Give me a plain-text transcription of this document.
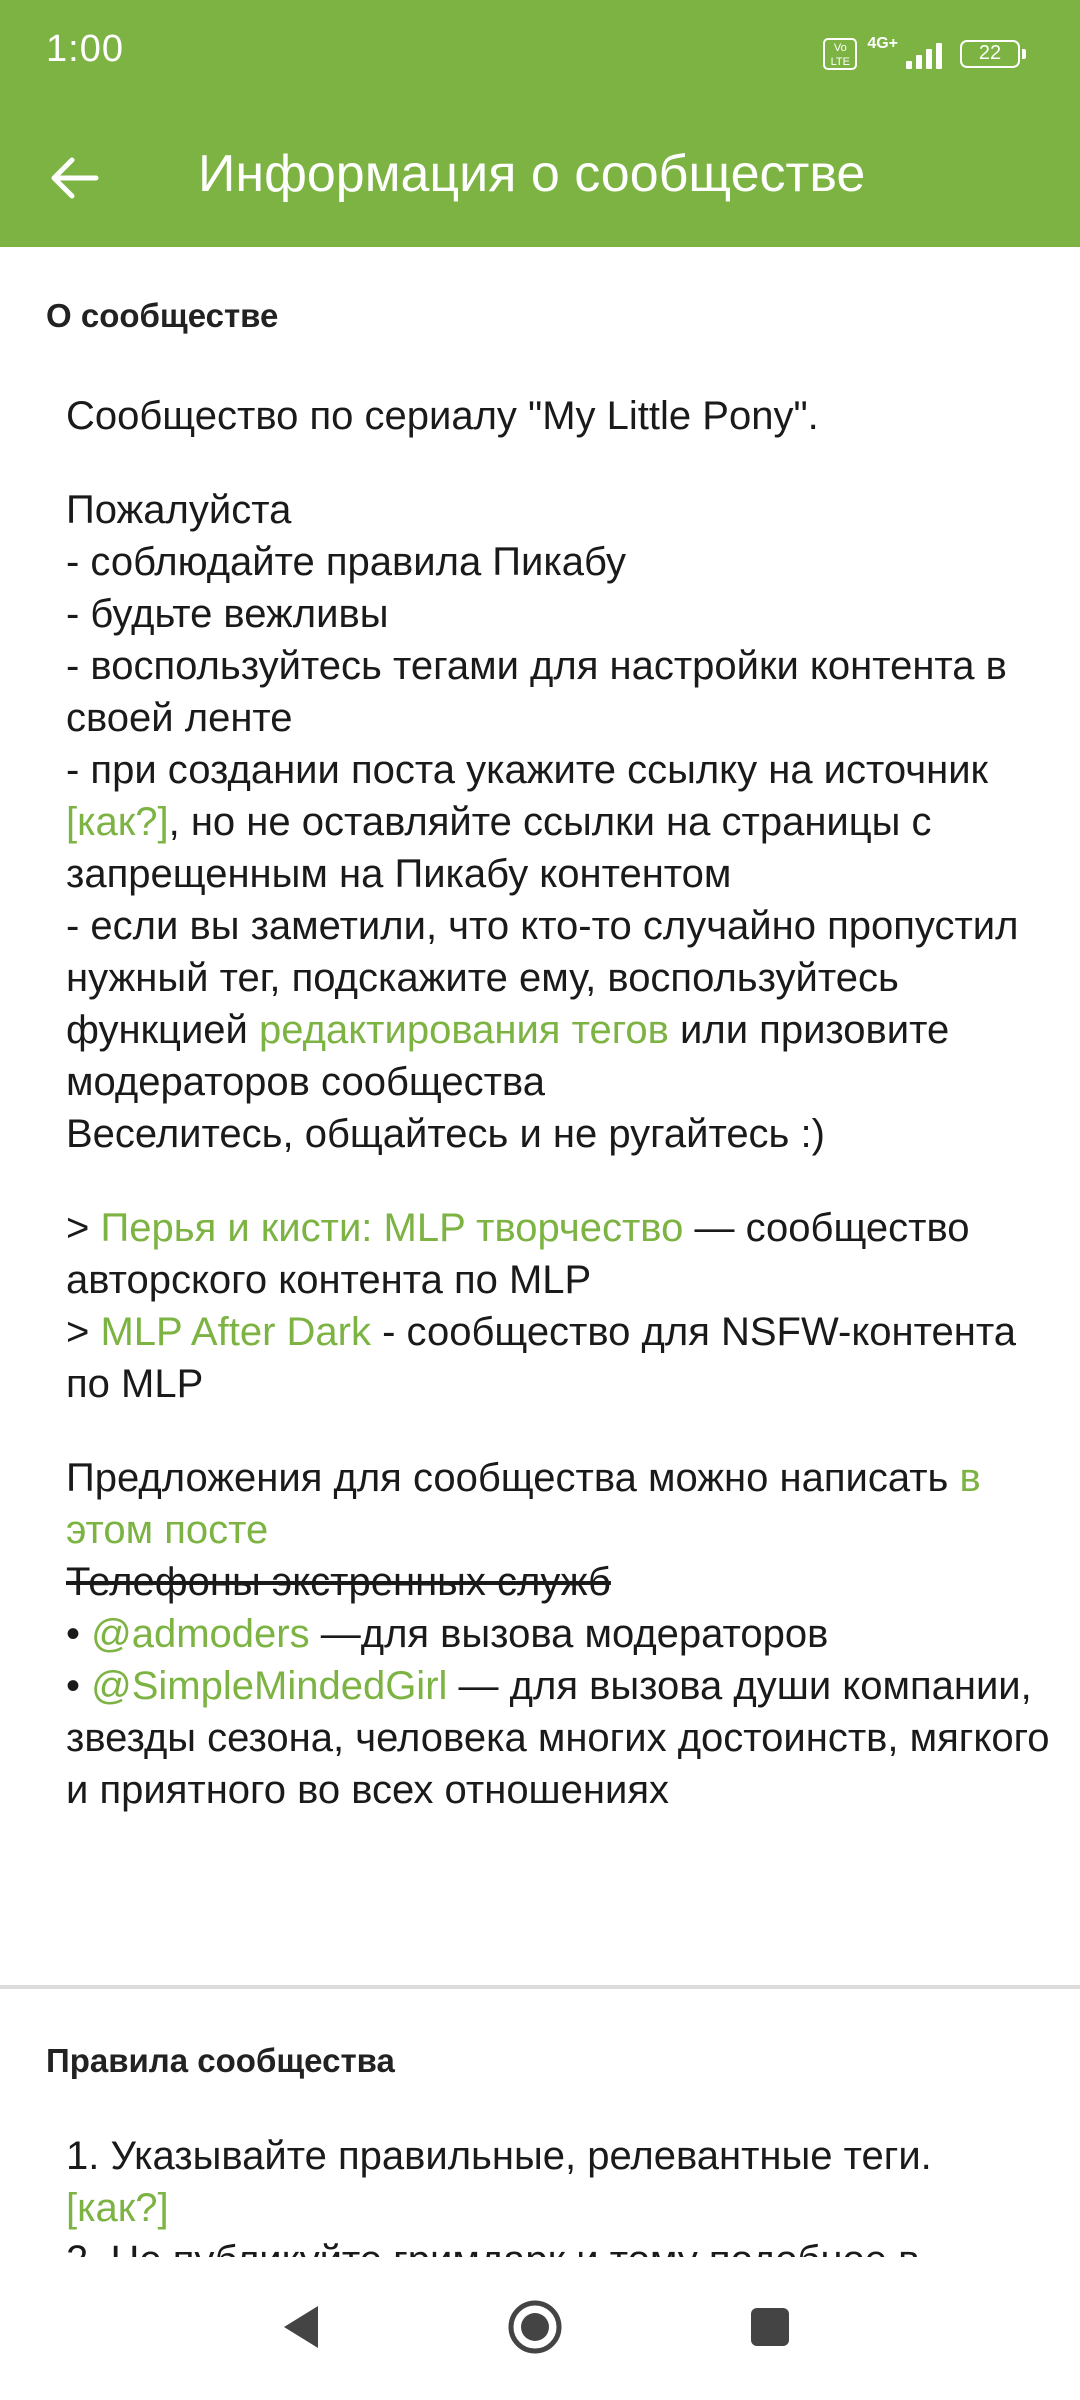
1:00	Vo LTE
4G+	22
Информация о сообществе
О сообществе

Сообщество по сериалу "My Little Pony".

Пожалуйста
- соблюдайте правила Пикабу
- будьте вежливы
- воспользуйтесь тегами для настройки контента в своей ленте
- при создании поста укажите ссылку на источник [как?], но не оставляйте ссылки на страницы с запрещенным на Пикабу контентом
- если вы заметили, что кто-то случайно пропустил нужный тег, подскажите ему, воспользуйтесь функцией редактирования тегов или призовите модераторов сообщества
Веселитесь, общайтесь и не ругайтесь :)

> Перья и кисти: MLP творчество — сообщество авторского контента по MLP
> MLP After Dark - сообщество для NSFW-контента по MLP

Предложения для сообщества можно написать в этом посте
Телефоны экстренных служб
• @admoders —для вызова модераторов
• @SimpleMindedGirl — для вызова души компании, звезды сезона, человека многих достоинств, мягкого и приятного во всех отношениях

Правила сообщества
1. Указывайте правильные, релевантные теги.
[как?]
